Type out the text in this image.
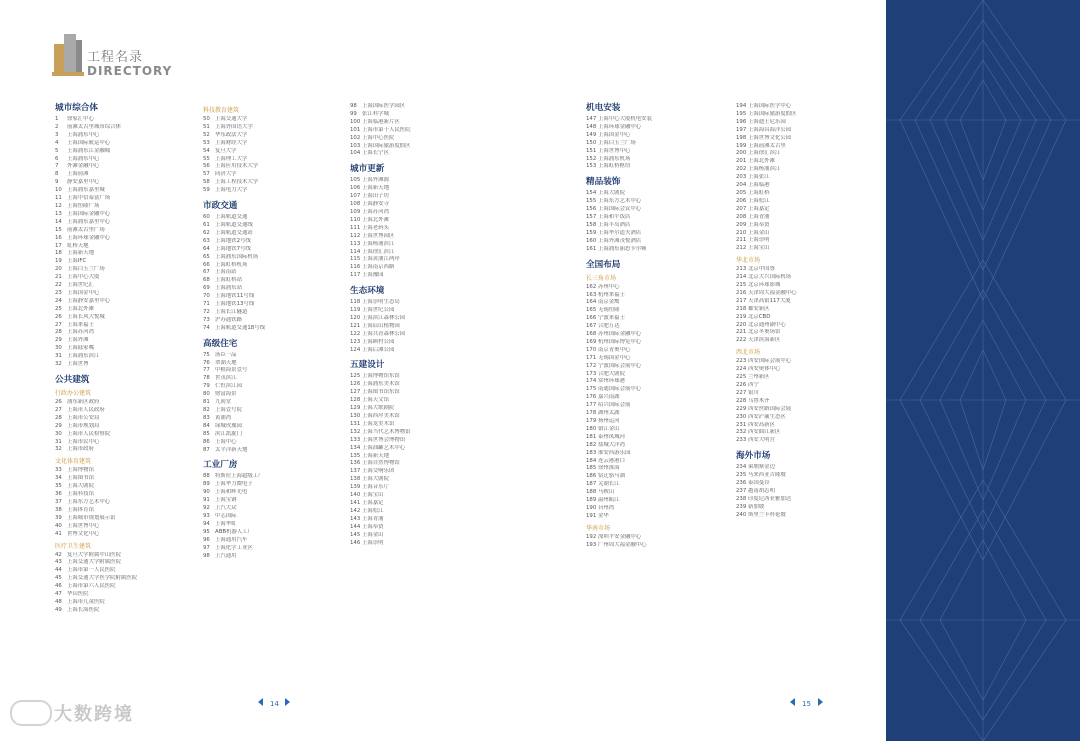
工程名录
DIRECTORY
城市综合体
1	徐家汇中心
2	前滩太古里城市综合体
3	上海浦东中心
4	上海国际航运中心
5	上海浦东江金融城
6	上海浦东中心
7	外滩金融中心
8	上海前滩
9	静安嘉里中心
10 上海浦东嘉里城
11 上海中信泰富广场
12 上海恒隆广场
13 上海国际金融中心
14 上海浦东嘉里中心
15 前滩太古里广场
16 上海环球金融中心
17 虹桥天地
18 上海新天地
19 上海IFC
20 上海白玉兰广场
21 上海中心大厦
22 上海世纪汇
23 上海国金中心
24 上海静安嘉里中心
25 上海北外滩
26 上海长风大悦城
27 上海来福士
28 上海苏河湾
29 上海外滩
30 上海陆家嘴
31 上海浦东滨江
32 上海世博
公共建筑
行政办公建筑
26 浦东新区政府
27 上海市人民政府
28 上海市公安局
29 上海市规划局
30 上海市人民检察院
31 上海市民中心
32 上海市政府
文化体育建筑
33 上海博物馆
34 上海图书馆
35 上海大剧院
36 上海科技馆
37 上海东方艺术中心
38 上海体育馆
39 上海城市规划展示馆
40 上海世博中心
41 世博文化中心
医疗卫生建筑
42 复旦大学附属中山医院
43 上海交通大学附属医院
44 上海市第一人民医院
45 上海交通大学医学院附属医院
46 上海市第六人民医院
47 华山医院
48 上海市儿童医院
49 上海长海医院
科技教育建筑
50 上海交通大学
51 上海外国语大学
52 华东政法大学
53 上海财经大学
54 复旦大学
55 上海理工大学
56 上海应用技术大学
57 同济大学
58 上海工程技术大学
59 上海电力大学
市政交通
60 上海轨道交通
61 上海轨道交通线
62 上海轨道交通站
63 上海地铁2号线
64 上海地铁7号线
65 上海浦东国际机场
66 上海虹桥机场
67 上海南站
68 上海虹桥站
69 上海浦东站
70 上海地铁11号线
71 上海地铁13号线
72 上海长江隧道
73 沪苏通铁路
74 上海轨道交通18号线
高级住宅
75 汤臣一品
76 翠湖天地
77 中粮海景壹号
78 世茂滨江
79 仁恒滨江园
80 财富海景
81 九间堂
82 上海壹号院
83 黄浦湾
84 绿城玫瑰园
85 滨江凯旋门
86 上海中心
87 太平洋新天地
工业厂房
88 特斯拉上海超级工厂
89 上海华力微电子
90 上海和辉光电
91 上海宝钢
92 上汽大众
93 中芯国际
94 上海华虹
95 ABB机器人工厂
96 上海通用汽车
97 上海化学工业区
98 上汽通用
98 上海国际医学园区
99 张江科学城
100 上海临港新片区
101 上海市第十人民医院
102 上海中心医院
103 上海国际旅游度假区
104 上海长宁区
城市更新
105 上海外滩源
106 上海新天地
107 上海田子坊
108 上海静安寺
109 上海苏河湾
110 上海北外滩
111 上海老码头
112 上海世博园区
113 上海杨浦滨江
114 上海徐汇滨江
115 上海黄浦江两岸
116 上海南京西路
117 上海豫园
生态环境
118 上海崇明生态岛
119 上海世纪公园
120 上海滨江森林公园
121 上海辰山植物园
122 上海共青森林公园
123 上海顾村公园
124 上海后滩公园
五建设计
125 上海博物馆东馆
126 上海浦东美术馆
127 上海图书馆东馆
128 上海天文馆
129 上海大歌剧院
130 上海西岸美术馆
131 上海龙美术馆
132 上海当代艺术博物馆
133 上海世博会博物馆
134 上海油罐艺术中心
135 上海新天地
136 上海自然博物馆
137 上海交响乐团
138 上海大剧院
139 上海音乐厅
140 上海宝山
141 上海嘉定
142 上海松江
143 上海青浦
144 上海奉贤
145 上海金山
146 上海崇明
机电安装
147 上海中心大厦机电安装
148 上海环球金融中心
149 上海国金中心
150 上海白玉兰广场
151 上海世博中心
152 上海浦东机场
153 上海虹桥枢纽
精品装饰
154 上海大剧院
155 上海东方艺术中心
156 上海国际会议中心
157 上海和平饭店
158 上海半岛酒店
159 上海华尔道夫酒店
160 上海外滩茂悦酒店
161 上海浦东丽思卡尔顿
全国布局
长三角市场
162 苏州中心
163 杭州来福士
164 南京金鹰
165 无锡恒隆
166 宁波来福士
167 合肥万达
168 苏州国际金融中心
169 杭州国际博览中心
170 南京青奥中心
171 无锡国金中心
172 宁波国际会展中心
173 合肥大剧院
174 常州环球港
175 南通国际会展中心
176 嘉兴南湖
177 绍兴国际会展
178 湖州太湖
179 扬州运河
180 镇江金山
181 泰州凤城河
182 盐城大洋湾
183 淮安西游乐园
184 连云港港口
185 徐州淮海
186 宿迁骆马湖
187 芜湖长江
188 马鞍山
189 温州瓯江
190 台州湾
191 金华
华南市场
192 深圳平安金融中心
193 广州周大福金融中心
194 上海国际医学中心
195 上海国际旅游度假区
196 上海迪士尼乐园
197 上海海昌海洋公园
198 上海世博文化公园
199 上海前滩太古里
200 上海徐汇滨江
201 上海北外滩
202 上海杨浦滨江
203 上海张江
204 上海临港
205 上海虹桥
206 上海松江
207 上海嘉定
208 上海青浦
209 上海奉贤
210 上海金山
211 上海崇明
212 上海宝山
华北市场
213 北京中国尊
214 北京大兴国际机场
215 北京环球影城
216 天津周大福金融中心
217 天津高银117大厦
218 雄安新区
219 北京CBD
220 北京通州副中心
221 北京冬奥场馆
222 天津滨海新区
西北市场
223 西安国际会展中心
224 西安奥体中心
225 兰州新区
226 西宁
227 银川
228 乌鲁木齐
229 西安丝路国际会展
230 西安浐灞生态区
231 西安高新区
232 西安曲江新区
233 西安大明宫
海外市场
234 柬埔寨金边
235 马来西亚吉隆坡
236 泰国曼谷
237 越南胡志明
238 印度尼西亚雅加达
239 新加坡
240 斯里兰卡科伦坡
14	15
大数跨境
